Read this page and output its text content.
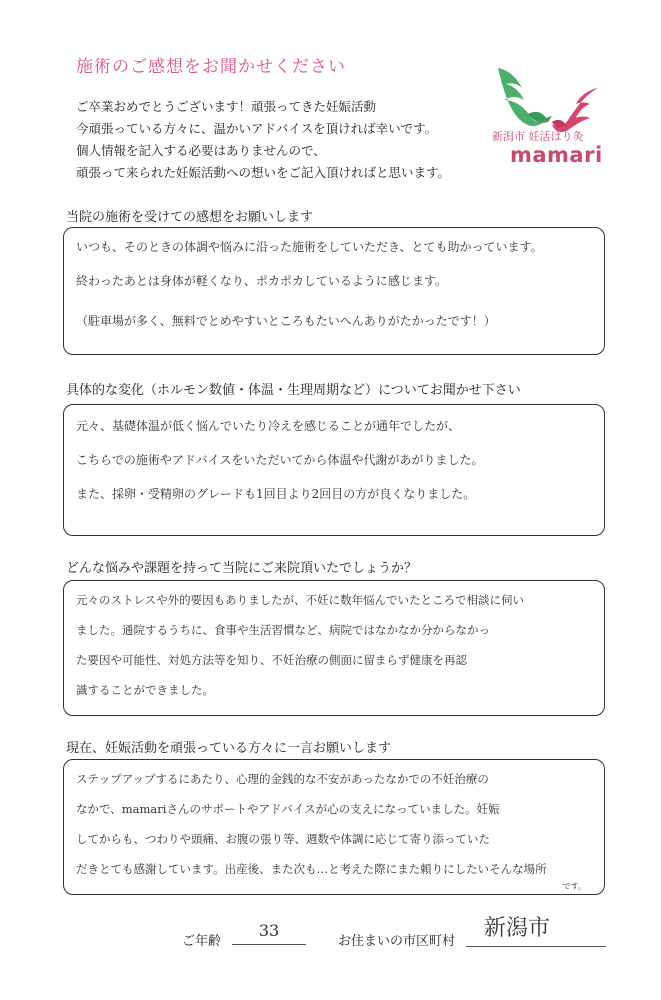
施術のご感想をお聞かせください
ご卒業おめでとうございます！頑張ってきた妊娠活動
今頑張っている方々に、温かいアドバイスを頂ければ幸いです。
個人情報を記入する必要はありませんので、
頑張って来られた妊娠活動への想いをご記入頂ければと思います。
新潟市 妊活はり灸
mamari
当院の施術を受けての感想をお願いします
いつも、そのときの体調や悩みに沿った施術をしていただき、とても助かっています。
終わったあとは身体が軽くなり、ポカポカしているように感じます。
（駐車場が多く、無料でとめやすいところもたいへんありがたかったです！）
具体的な変化（ホルモン数値・体温・生理周期など）についてお聞かせ下さい
元々、基礎体温が低く悩んでいたり冷えを感じることが通年でしたが、
こちらでの施術やアドバイスをいただいてから体温や代謝があがりました。
また、採卵・受精卵のグレードも1回目より2回目の方が良くなりました。
どんな悩みや課題を持って当院にご来院頂いたでしょうか？
元々のストレスや外的要因もありましたが、不妊に数年悩んでいたところで相談に伺い
ました。通院するうちに、食事や生活習慣など、病院ではなかなか分からなかっ
た要因や可能性、対処方法等を知り、不妊治療の側面に留まらず健康を再認
識することができました。
現在、妊娠活動を頑張っている方々に一言お願いします
ステップアップするにあたり、心理的金銭的な不安があったなかでの不妊治療の
なかで、mamariさんのサポートやアドバイスが心の支えになっていました。妊娠
してからも、つわりや頭痛、お腹の張り等、週数や体調に応じて寄り添っていた
だきとても感謝しています。出産後、また次も…と考えた際にまた頼りにしたいそんな場所
です。
ご年齢
33
お住まいの市区町村
新潟市
